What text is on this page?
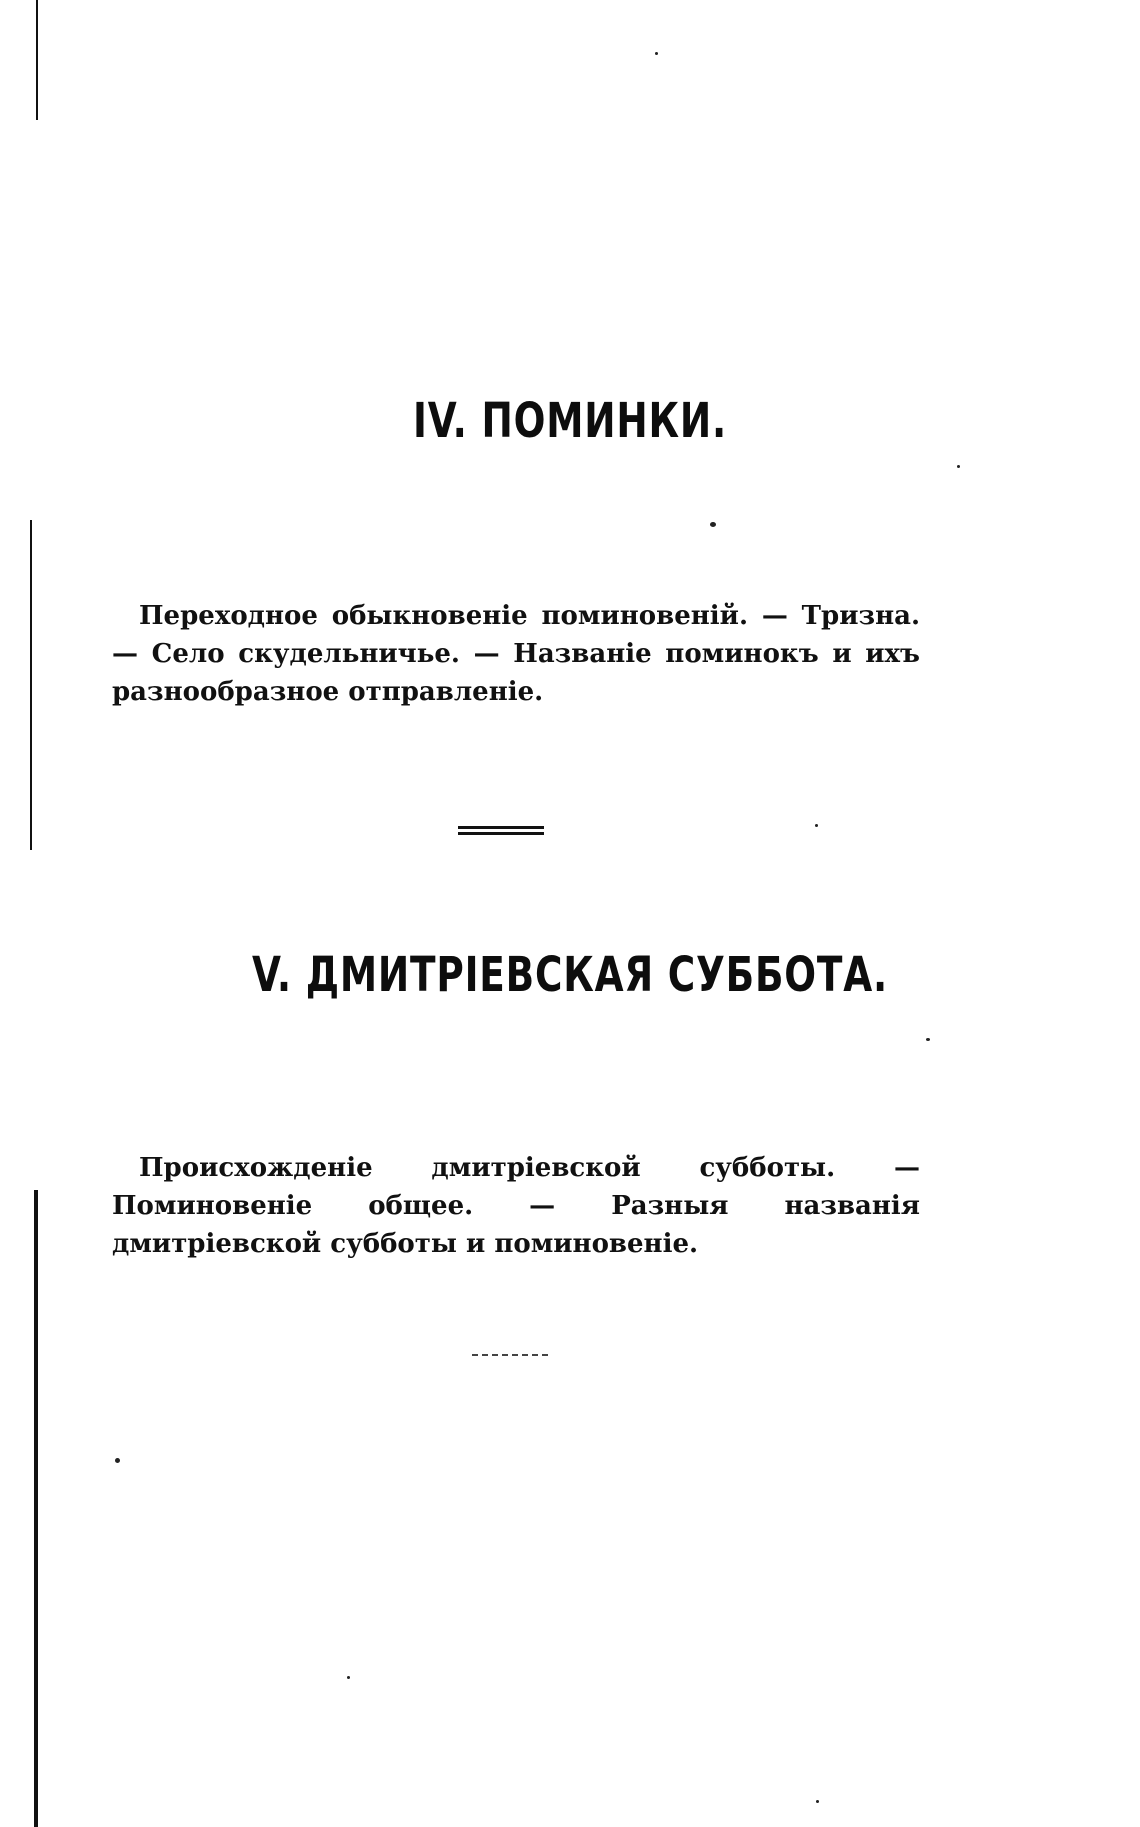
IV. ПОМИНКИ.
Переходное обыкновеніе поминовеній. — Тризна. — Село скудельничье. — Названіе поминокъ и ихъ разнообразное отправленіе.
V. ДМИТРІЕВСКАЯ СУББОТА.
Происхожденіе дмитріевской субботы. — Поминовеніе общее. — Разныя названія дмитріевской субботы и поминовеніе.
